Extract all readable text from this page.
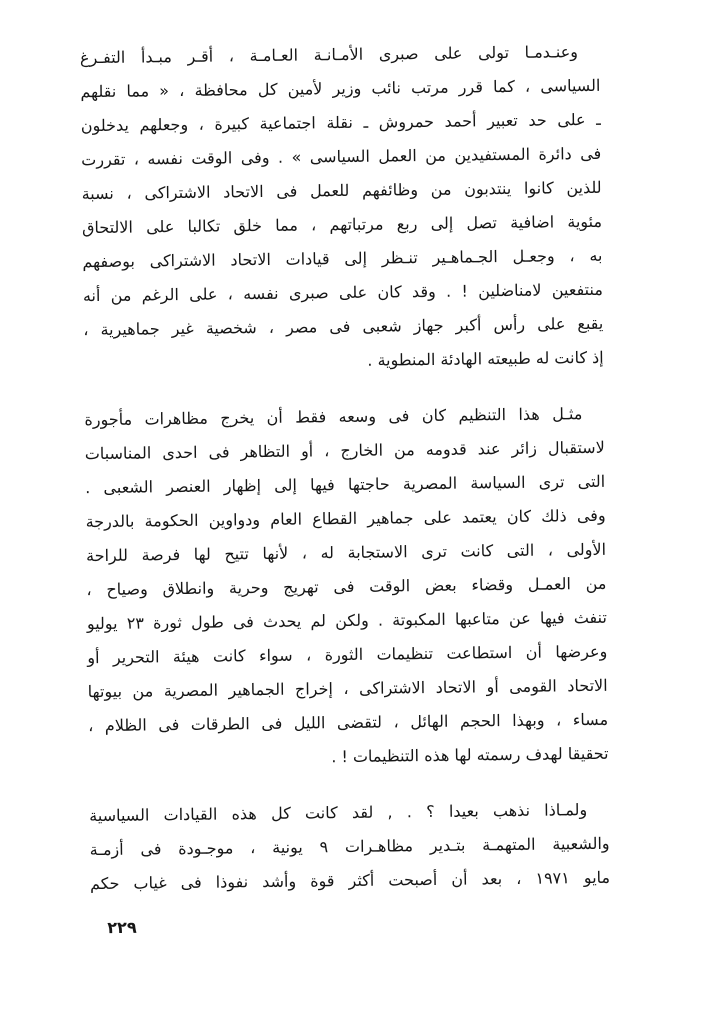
وعنـدمـا تولى على صبرى الأمـانـة العـامـة ، أقـر مبـدأ التفـرغ
السياسى ، كما قرر مرتب نائب وزير لأمين كل محافظة ، « مما نقلهم
ـ على حد تعبير أحمد حمروش ـ نقلة اجتماعية كبيرة ، وجعلهم يدخلون
فى دائرة المستفيدين من العمل السياسى » . وفى الوقت نفسه ، تقررت
للذين كانوا ينتدبون من وظائفهم للعمل فى الاتحاد الاشتراكى ، نسبة
مئوية اضافية تصل إلى ربع مرتباتهم ، مما خلق تكالبا على الالتحاق
به ، وجعـل الجـماهـير تنـظر إلى قيادات الاتحاد الاشتراكى بوصفهم
منتفعين لامناضلين ! . وقد كان على صبرى نفسه ، على الرغم من أنه
يقبع على رأس أكبر جهاز شعبى فى مصر ، شخصية غير جماهيرية ،
إذ كانت له طبيعته الهادئة المنطوية .
مثـل هذا التنظيم كان فى وسعه فقط أن يخرج مظاهرات مأجورة
لاستقبال زائر عند قدومه من الخارج ، أو التظاهر فى احدى المناسبات
التى ترى السياسة المصرية حاجتها فيها إلى إظهار العنصر الشعبى .
وفى ذلك كان يعتمد على جماهير القطاع العام ودواوين الحكومة بالدرجة
الأولى ، التى كانت ترى الاستجابة له ، لأنها تتيح لها فرصة للراحة
من العمـل وقضاء بعض الوقت فى تهريج وحرية وانطلاق وصياح ،
تنفث فيها عن متاعبها المكبوتة . ولكن لم يحدث فى طول ثورة ٢٣ يوليو
وعرضها أن استطاعت تنظيمات الثورة ، سواء كانت هيئة التحرير أو
الاتحاد القومى أو الاتحاد الاشتراكى ، إخراج الجماهير المصرية من بيوتها
مساء ، وبهذا الحجم الهائل ، لتقضى الليل فى الطرقات فى الظلام ،
تحقيقا لهدف رسمته لها هذه التنظيمات ! .
ولمـاذا نذهب بعيدا ؟ . , لقد كانت كل هذه القيادات السياسية
والشعبية المتهمـة بتـدير مظاهـرات ٩ يونية ، موجـودة فى أزمـة
مايو ١٩٧١ ، بعد أن أصبحت أكثر قوة وأشد نفوذا فى غياب حكم
٢٢٩
